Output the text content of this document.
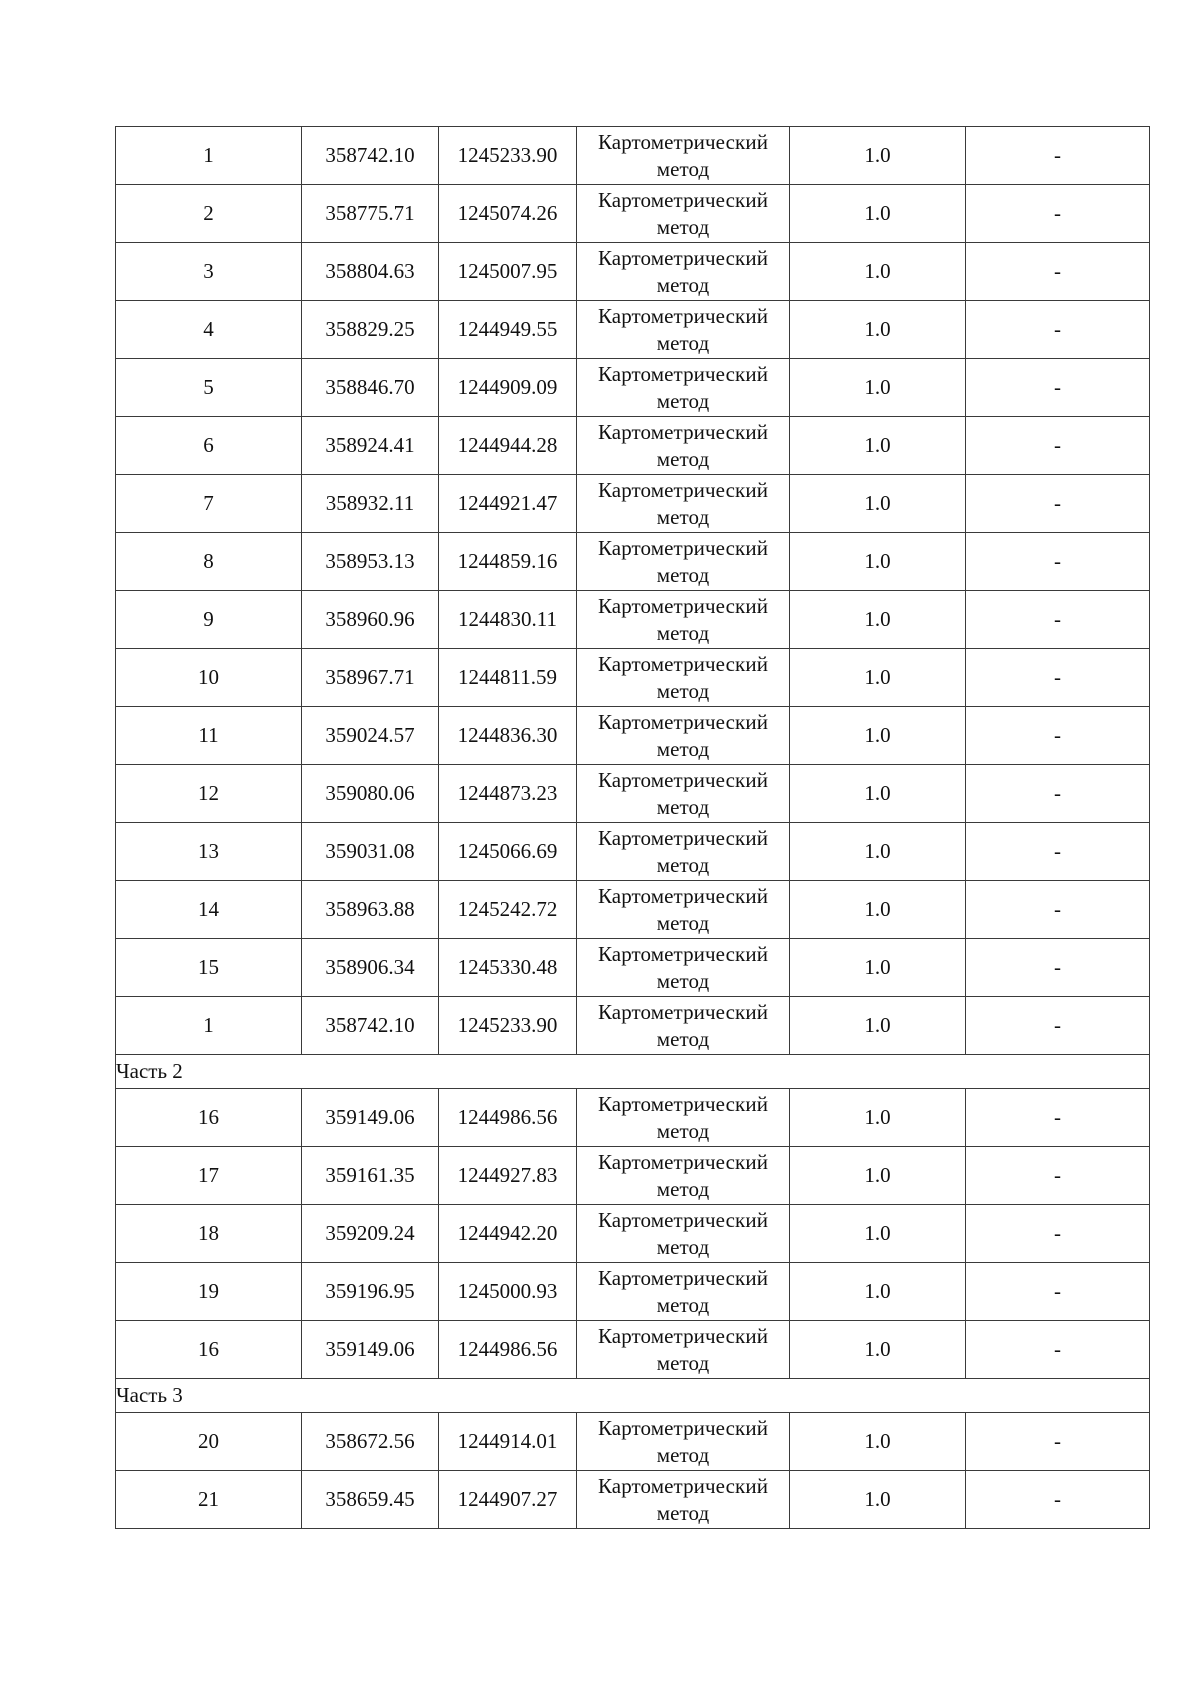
1	358742.10	1245233.90	Картометрический метод	1.0	-
2	358775.71	1245074.26	Картометрический метод	1.0	-
3	358804.63	1245007.95	Картометрический метод	1.0	-
4	358829.25	1244949.55	Картометрический метод	1.0	-
5	358846.70	1244909.09	Картометрический метод	1.0	-
6	358924.41	1244944.28	Картометрический метод	1.0	-
7	358932.11	1244921.47	Картометрический метод	1.0	-
8	358953.13	1244859.16	Картометрический метод	1.0	-
9	358960.96	1244830.11	Картометрический метод	1.0	-
10	358967.71	1244811.59	Картометрический метод	1.0	-
11	359024.57	1244836.30	Картометрический метод	1.0	-
12	359080.06	1244873.23	Картометрический метод	1.0	-
13	359031.08	1245066.69	Картометрический метод	1.0	-
14	358963.88	1245242.72	Картометрический метод	1.0	-
15	358906.34	1245330.48	Картометрический метод	1.0	-
1	358742.10	1245233.90	Картометрический метод	1.0	-
Часть 2					
16	359149.06	1244986.56	Картометрический метод	1.0	-
17	359161.35	1244927.83	Картометрический метод	1.0	-
18	359209.24	1244942.20	Картометрический метод	1.0	-
19	359196.95	1245000.93	Картометрический метод	1.0	-
16	359149.06	1244986.56	Картометрический метод	1.0	-
Часть 3					
20	358672.56	1244914.01	Картометрический метод	1.0	-
21	358659.45	1244907.27	Картометрический метод	1.0	-
